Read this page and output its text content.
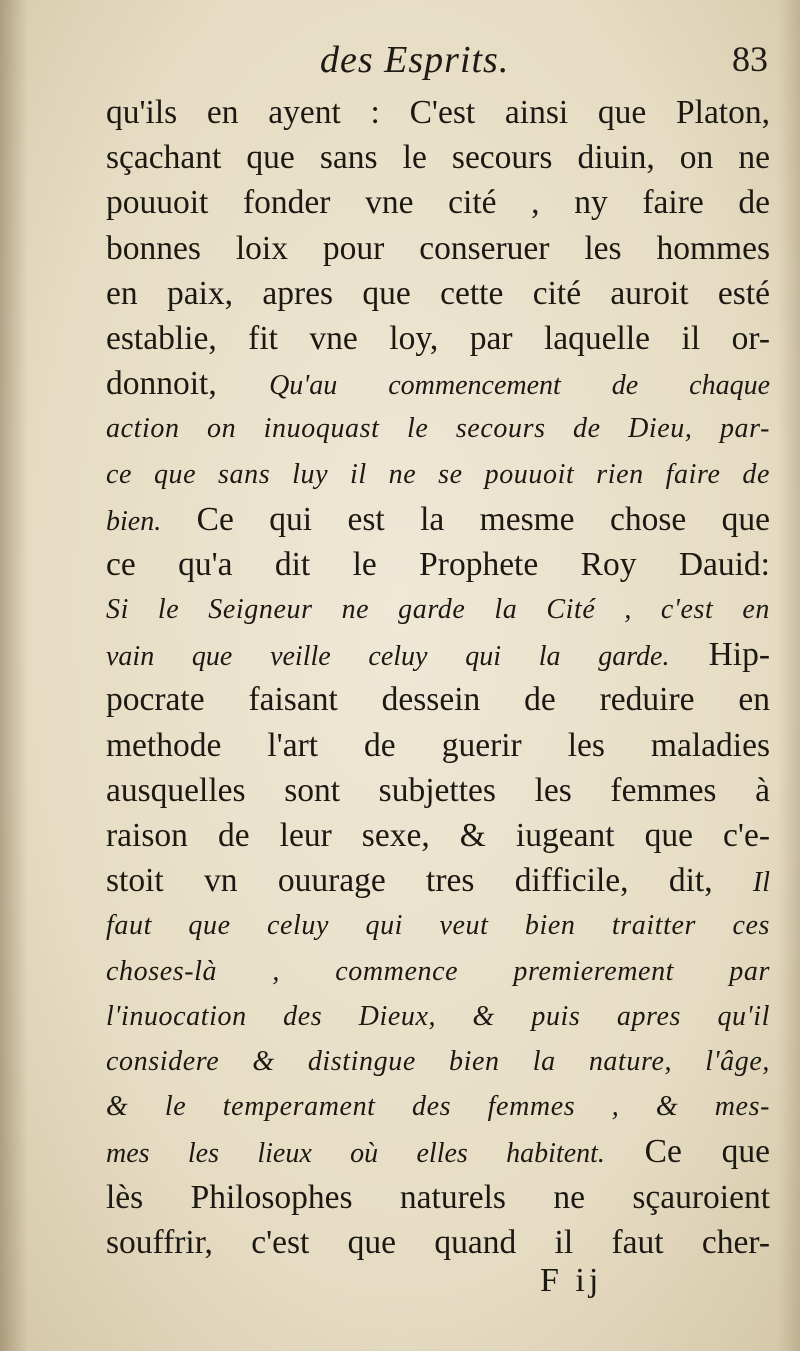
des Esprits.	83
qu'ils en ayent : C'est ainsi que Platon,
sçachant que sans le secours diuin, on ne
pouuoit fonder vne cité , ny faire de
bonnes loix pour conseruer les hommes
en paix, apres que cette cité auroit esté
establie, fit vne loy, par laquelle il or-
donnoit, Qu'au commencement de chaque
action on inuoquast le secours de Dieu, par-
ce que sans luy il ne se pouuoit rien faire de
bien. Ce qui est la mesme chose que
ce qu'a dit le Prophete Roy Dauid:
Si le Seigneur ne garde la Cité , c'est en
vain que veille celuy qui la garde. Hip-
pocrate faisant dessein de reduire en
methode l'art de guerir les maladies
ausquelles sont subjettes les femmes à
raison de leur sexe, & iugeant que c'e-
stoit vn ouurage tres difficile, dit, Il
faut que celuy qui veut bien traitter ces
choses-là , commence premierement par
l'inuocation des Dieux, & puis apres qu'il
considere & distingue bien la nature, l'âge,
& le temperament des femmes , & mes-
mes les lieux où elles habitent. Ce que
lès Philosophes naturels ne sçauroient
souffrir, c'est que quand il faut cher-
F ij
